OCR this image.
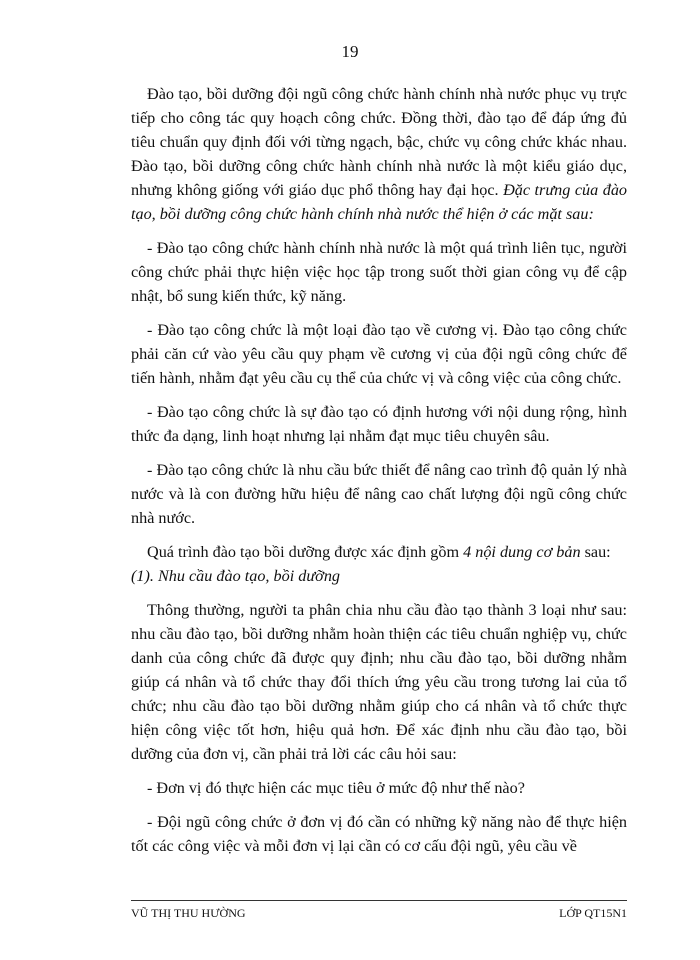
19

Đào tạo, bồi dưỡng đội ngũ công chức hành chính nhà nước phục vụ trực tiếp cho công tác quy hoạch công chức. Đồng thời, đào tạo để đáp ứng đủ tiêu chuẩn quy định đối với từng ngạch, bậc, chức vụ công chức khác nhau. Đào tạo, bồi dưỡng công chức hành chính nhà nước là một kiểu giáo dục, nhưng không giống với giáo dục phổ thông hay đại học. Đặc trưng của đào tạo, bồi dưỡng công chức hành chính nhà nước thể hiện ở các mặt sau:

- Đào tạo công chức hành chính nhà nước là một quá trình liên tục, người công chức phải thực hiện việc học tập trong suốt thời gian công vụ để cập nhật, bổ sung kiến thức, kỹ năng.

- Đào tạo công chức là một loại đào tạo về cương vị. Đào tạo công chức phải căn cứ vào yêu cầu quy phạm về cương vị của đội ngũ công chức để tiến hành, nhằm đạt yêu cầu cụ thể của chức vị và công việc của công chức.

- Đào tạo công chức là sự đào tạo có định hương với nội dung rộng, hình thức đa dạng, linh hoạt nhưng lại nhằm đạt mục tiêu chuyên sâu.

- Đào tạo công chức là nhu cầu bức thiết để nâng cao trình độ quản lý nhà nước và là con đường hữu hiệu để nâng cao chất lượng đội ngũ công chức nhà nước.

Quá trình đào tạo bồi dưỡng được xác định gồm 4 nội dung cơ bản sau:

(1). Nhu cầu đào tạo, bồi dưỡng

Thông thường, người ta phân chia nhu cầu đào tạo thành 3 loại như sau: nhu cầu đào tạo, bồi dưỡng nhằm hoàn thiện các tiêu chuẩn nghiệp vụ, chức danh của công chức đã được quy định; nhu cầu đào tạo, bồi dưỡng nhằm giúp cá nhân và tổ chức thay đổi thích ứng yêu cầu trong tương lai của tổ chức; nhu cầu đào tạo bồi dưỡng nhằm giúp cho cá nhân và tổ chức thực hiện công việc tốt hơn, hiệu quả hơn. Để xác định nhu cầu đào tạo, bồi dưỡng của đơn vị, cần phải trả lời các câu hỏi sau:

- Đơn vị đó thực hiện các mục tiêu ở mức độ như thế nào?

- Đội ngũ công chức ở đơn vị đó cần có những kỹ năng nào để thực hiện tốt các công việc và mỗi đơn vị lại cần có cơ cấu đội ngũ, yêu cầu về

VŨ THỊ THU HƯỜNG	LỚP QT15N1
